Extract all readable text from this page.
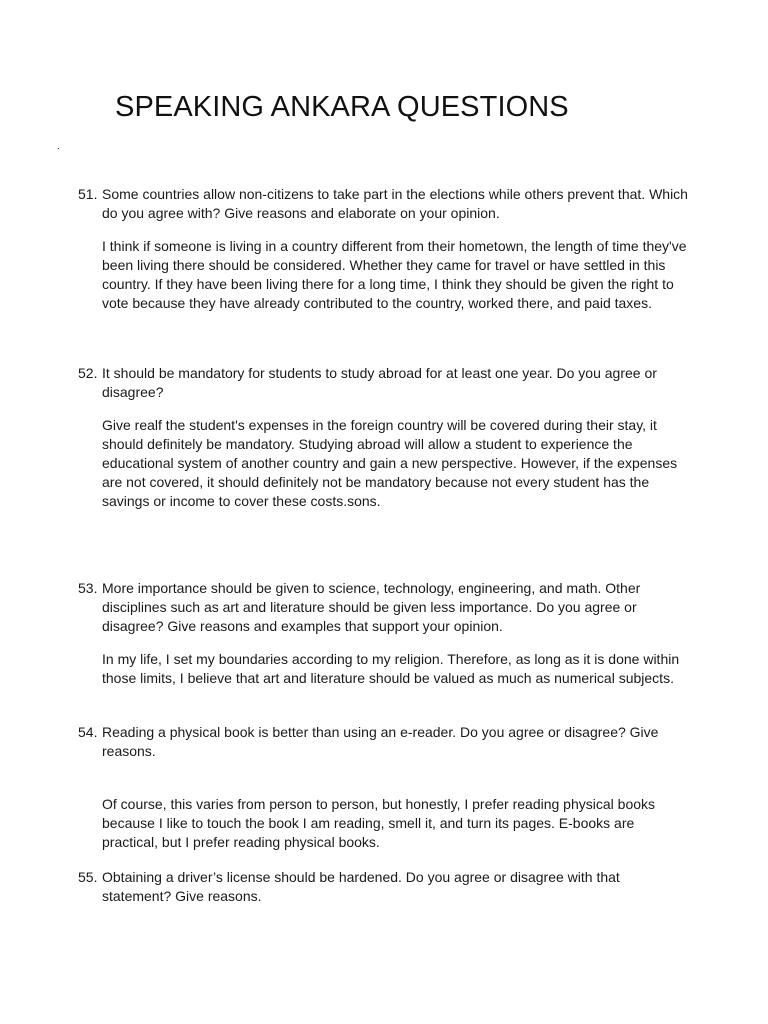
SPEAKING ANKARA QUESTIONS
.
51. Some countries allow non-citizens to take part in the elections while others prevent that. Which do you agree with? Give reasons and elaborate on your opinion.
I think if someone is living in a country different from their hometown, the length of time they've been living there should be considered. Whether they came for travel or have settled in this country. If they have been living there for a long time, I think they should be given the right to vote because they have already contributed to the country, worked there, and paid taxes.
52. It should be mandatory for students to study abroad for at least one year. Do you agree or disagree?
Give realf the student's expenses in the foreign country will be covered during their stay, it should definitely be mandatory. Studying abroad will allow a student to experience the educational system of another country and gain a new perspective. However, if the expenses are not covered, it should definitely not be mandatory because not every student has the savings or income to cover these costs.sons.
53. More importance should be given to science, technology, engineering, and math. Other disciplines such as art and literature should be given less importance. Do you agree or disagree? Give reasons and examples that support your opinion.
In my life, I set my boundaries according to my religion. Therefore, as long as it is done within those limits, I believe that art and literature should be valued as much as numerical subjects.
54. Reading a physical book is better than using an e-reader. Do you agree or disagree? Give reasons.
Of course, this varies from person to person, but honestly, I prefer reading physical books because I like to touch the book I am reading, smell it, and turn its pages. E-books are practical, but I prefer reading physical books.
55. Obtaining a driver’s license should be hardened. Do you agree or disagree with that statement? Give reasons.
